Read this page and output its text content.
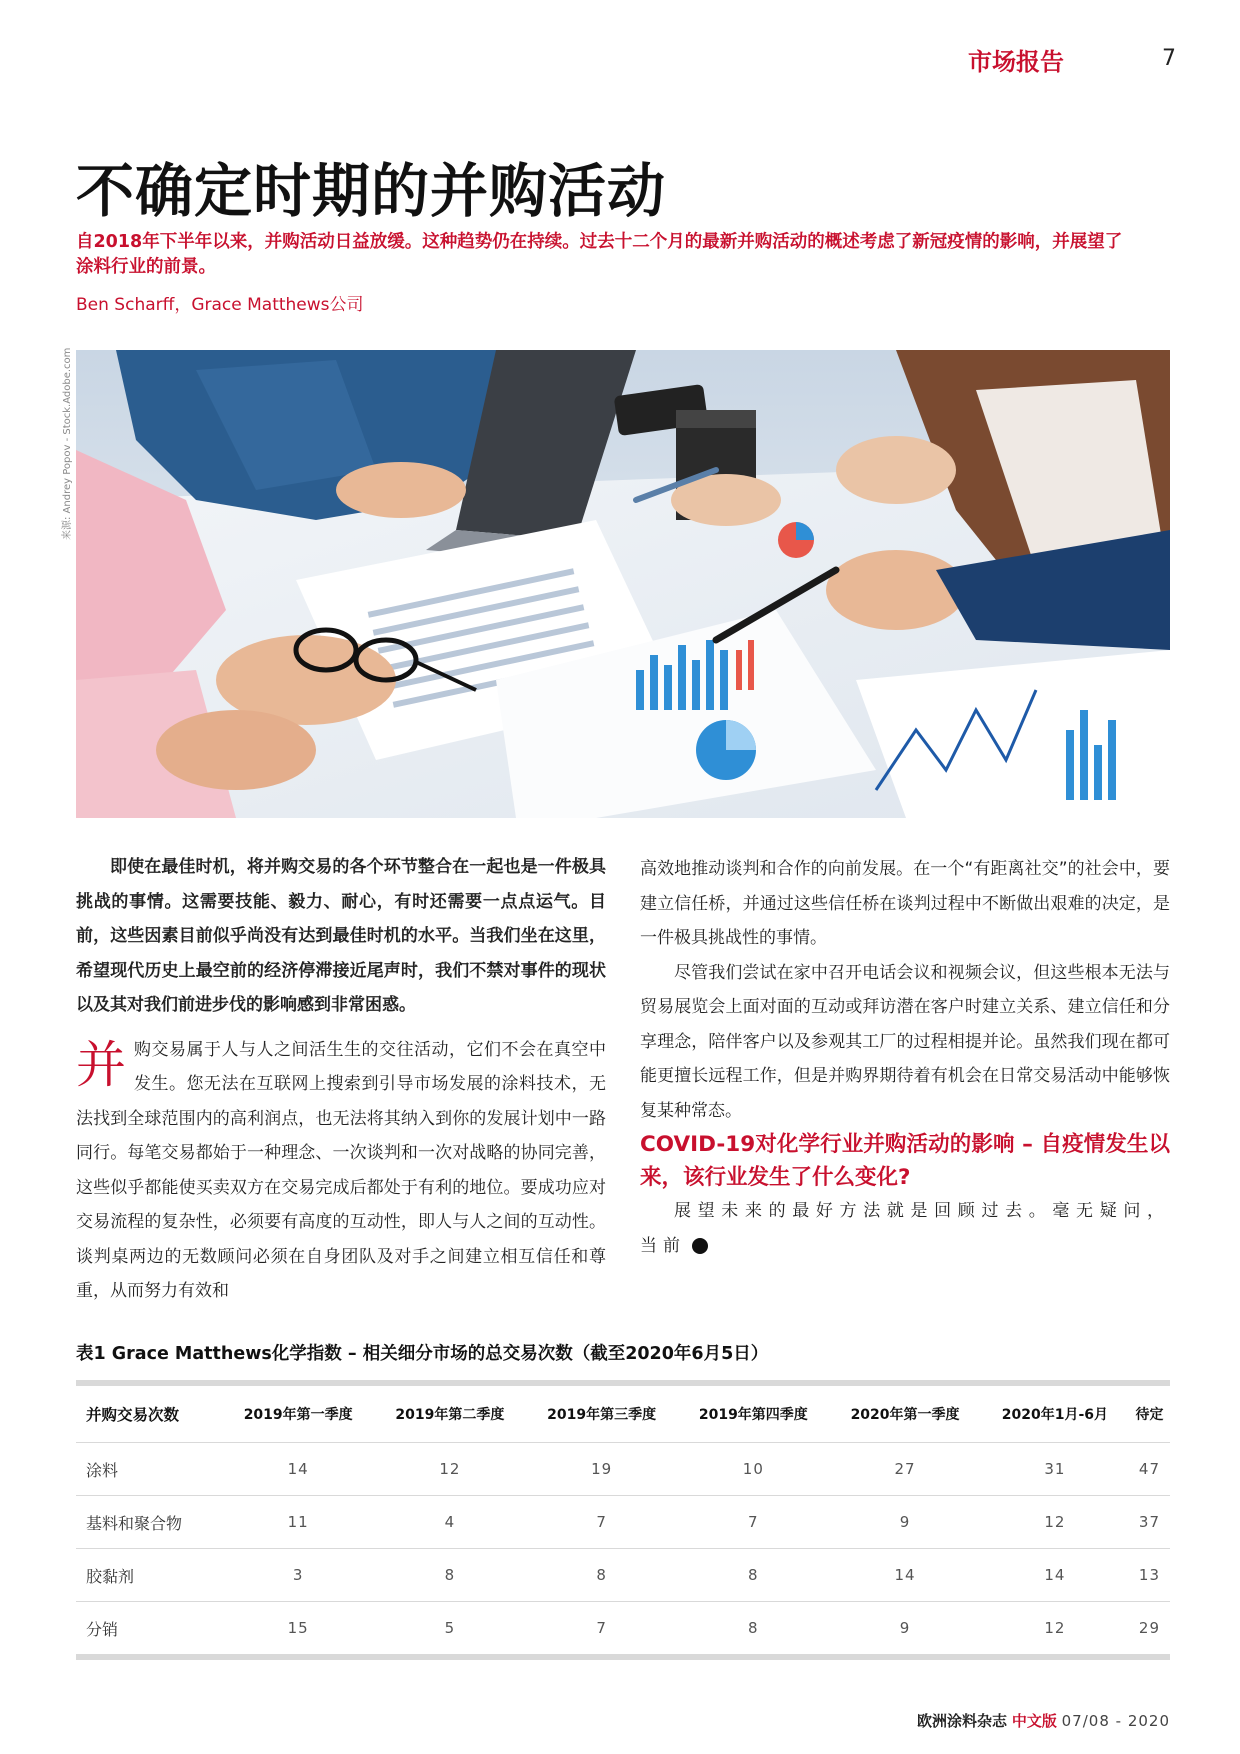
市场报告	7
不确定时期的并购活动
自2018年下半年以来，并购活动日益放缓。这种趋势仍在持续。过去十二个月的最新并购活动的概述考虑了新冠疫情的影响，并展望了涂料行业的前景。
Ben Scharff，Grace Matthews公司
来源: Andrey Popov - Stock.Adobe.com

即使在最佳时机，将并购交易的各个环节整合在一起也是一件极具挑战的事情。这需要技能、毅力、耐心，有时还需要一点点运气。目前，这些因素目前似乎尚没有达到最佳时机的水平。当我们坐在这里，希望现代历史上最空前的经济停滞接近尾声时，我们不禁对事件的现状以及其对我们前进步伐的影响感到非常困惑。

并 购交易属于人与人之间活生生的交往活动，它们不会在真空中发生。您无法在互联网上搜索到引导市场发展的涂料技术，无法找到全球范围内的高利润点，也无法将其纳入到你的发展计划中一路同行。每笔交易都始于一种理念、一次谈判和一次对战略的协同完善，这些似乎都能使买卖双方在交易完成后都处于有利的地位。要成功应对交易流程的复杂性，必须要有高度的互动性，即人与人之间的互动性。谈判桌两边的无数顾问必须在自身团队及对手之间建立相互信任和尊重，从而努力有效和

高效地推动谈判和合作的向前发展。在一个“有距离社交”的社会中，要建立信任桥，并通过这些信任桥在谈判过程中不断做出艰难的决定，是一件极具挑战性的事情。

尽管我们尝试在家中召开电话会议和视频会议，但这些根本无法与贸易展览会上面对面的互动或拜访潜在客户时建立关系、建立信任和分享理念，陪伴客户以及参观其工厂的过程相提并论。虽然我们现在都可能更擅长远程工作，但是并购界期待着有机会在日常交易活动中能够恢复某种常态。

COVID-19对化学行业并购活动的影响 – 自疫情发生以来，该行业发生了什么变化?

展望未来的最好方法就是回顾过去。毫无疑问，当前	▶

表1 Grace Matthews化学指数 – 相关细分市场的总交易次数（截至2020年6月5日）
并购交易次数	2019年第一季度	2019年第二季度	2019年第三季度	2019年第四季度	2020年第一季度	2020年1月-6月	待定
涂料	14	12	19	10	27	31	47
基料和聚合物	11	4	7	7	9	12	37
胶黏剂	3	8	8	8	14	14	13
分销	15	5	7	8	9	12	29
欧洲涂料杂志 中文版 07/08 - 2020
